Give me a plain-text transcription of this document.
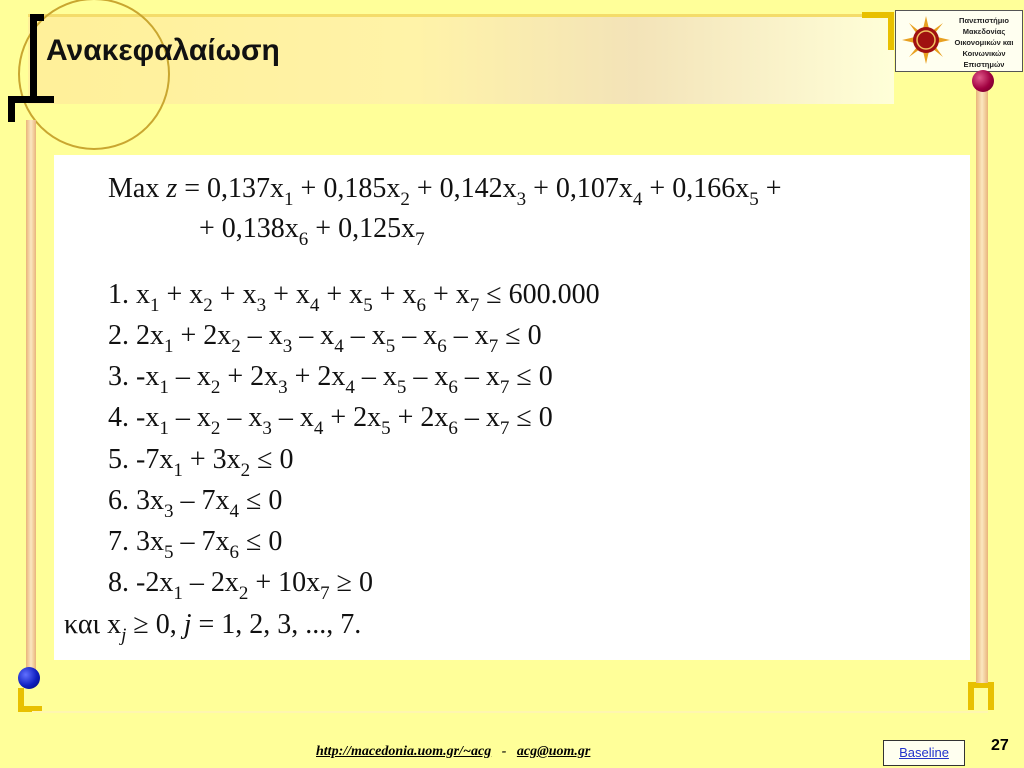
Ανακεφαλαίωση
Πανεπιστήμιο
Μακεδονίας
Οικονομικών και
Κοινωνικών Επιστημών
Max $z = 0,137x_1 + 0,185x_2 + 0,142x_3 + 0,107x_4 + 0,166x_5$ +
+ $0,138x_6 + 0,125x_7$
1. $x_1 + x_2 + x_3 + x_4 + x_5 + x_6 + x_7 \le 600.000$
2. $2x_1 + 2x_2 - x_3 - x_4 - x_5 - x_6 - x_7 \le 0$
3. $-x_1 - x_2 + 2x_3 + 2x_4 - x_5 - x_6 - x_7 \le 0$
4. $-x_1 - x_2 - x_3 - x_4 + 2x_5 + 2x_6 - x_7 \le 0$
5. $-7x_1 + 3x_2 \le 0$
6. $3x_3 - 7x_4 \le 0$
7. $3x_5 - 7x_6 \le 0$
8. $-2x_1 - 2x_2 + 10x_7 \ge 0$
και $x_j \ge 0$, j = 1, 2, 3, ..., 7.
http://macedonia.uom.gr/~acg - acg@uom.gr	Baseline	27
